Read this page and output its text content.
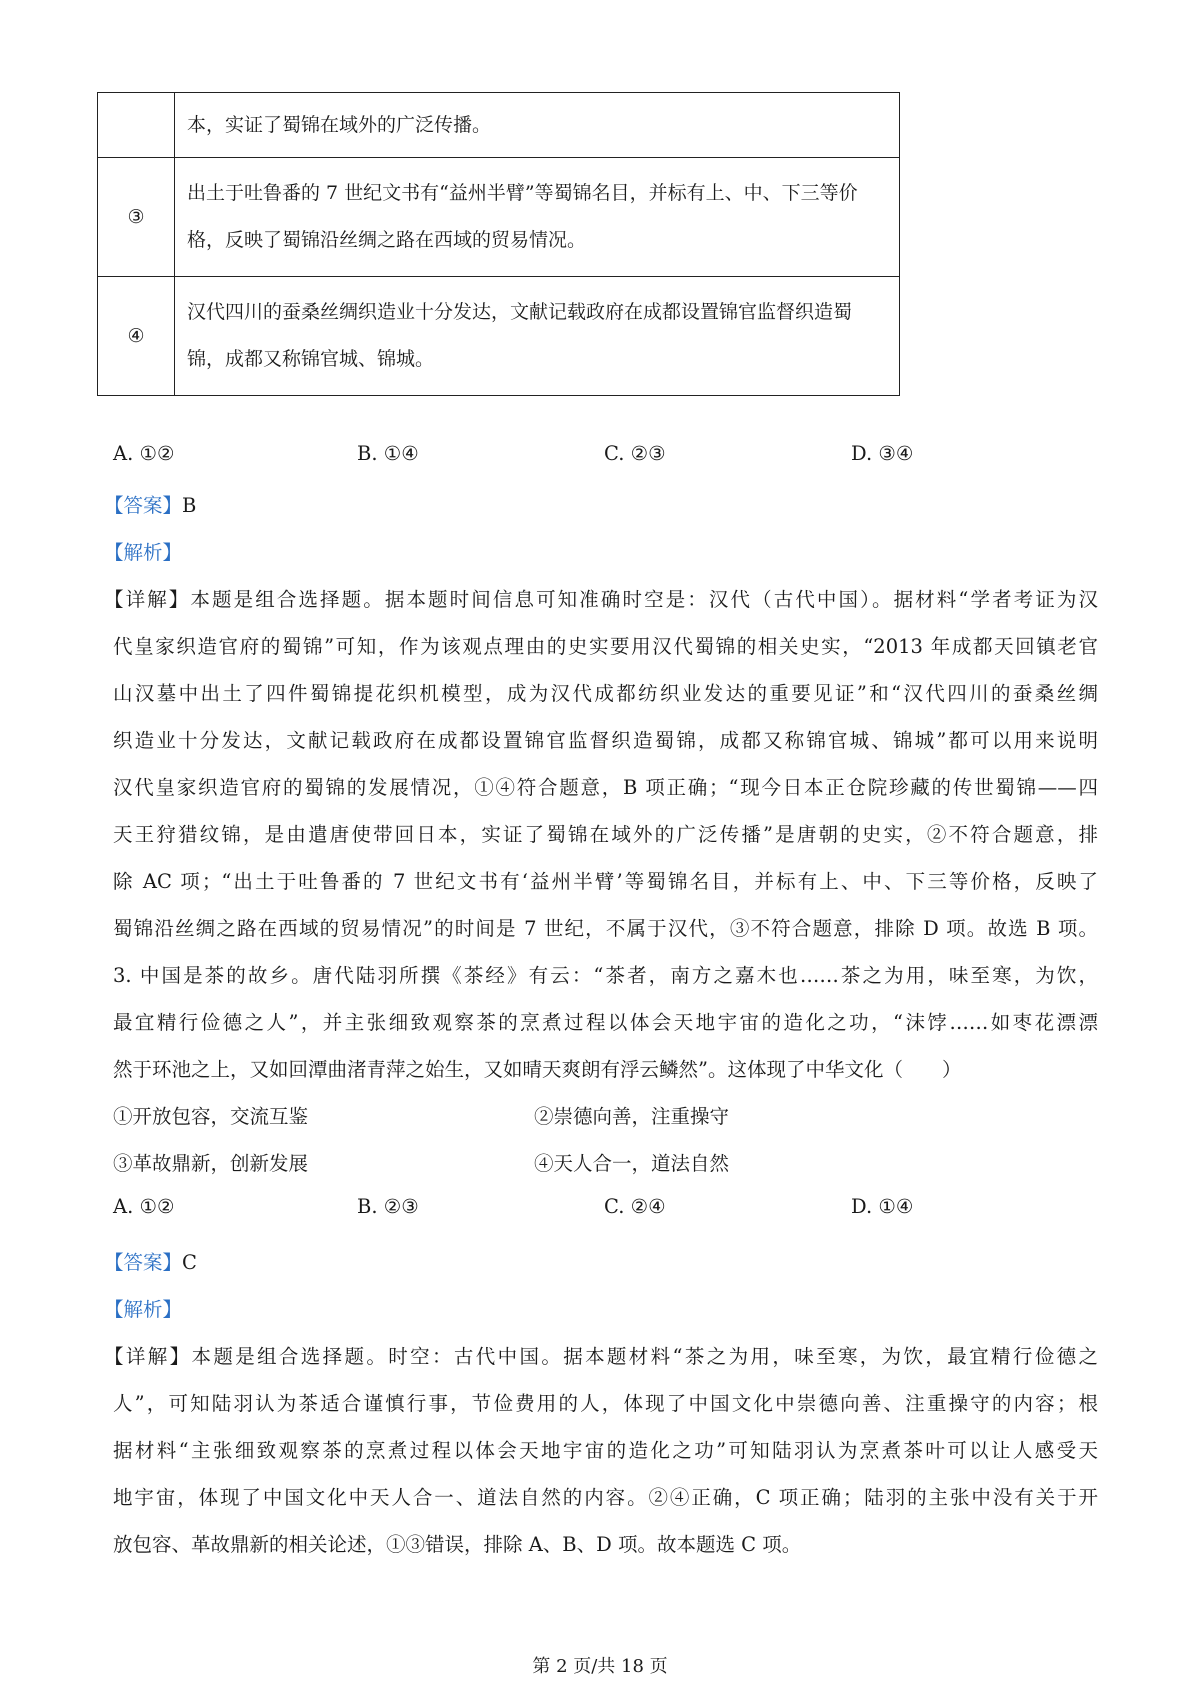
	本，实证了蜀锦在域外的广泛传播。
③	出土于吐鲁番的 7 世纪文书有“益州半臂”等蜀锦名目，并标有上、中、下三等价格，反映了蜀锦沿丝绸之路在西域的贸易情况。
④	汉代四川的蚕桑丝绸织造业十分发达，文献记载政府在成都设置锦官监督织造蜀锦，成都又称锦官城、锦城。
A. ①②	B. ①④	C. ②③	D. ③④
【答案】B
【解析】
【详解】本题是组合选择题。据本题时间信息可知准确时空是：汉代（古代中国）。据材料“学者考证为汉
代皇家织造官府的蜀锦”可知，作为该观点理由的史实要用汉代蜀锦的相关史实，“2013 年成都天回镇老官
山汉墓中出土了四件蜀锦提花织机模型，成为汉代成都纺织业发达的重要见证”和“汉代四川的蚕桑丝绸
织造业十分发达，文献记载政府在成都设置锦官监督织造蜀锦，成都又称锦官城、锦城”都可以用来说明
汉代皇家织造官府的蜀锦的发展情况，①④符合题意，B 项正确；“现今日本正仓院珍藏的传世蜀锦——四
天王狩猎纹锦，是由遣唐使带回日本，实证了蜀锦在域外的广泛传播”是唐朝的史实，②不符合题意，排
除 AC 项；“出土于吐鲁番的 7 世纪文书有‘益州半臂’等蜀锦名目，并标有上、中、下三等价格，反映了
蜀锦沿丝绸之路在西域的贸易情况”的时间是 7 世纪，不属于汉代，③不符合题意，排除 D 项。故选 B 项。
3. 中国是茶的故乡。唐代陆羽所撰《茶经》有云：“茶者，南方之嘉木也……茶之为用，味至寒，为饮，
最宜精行俭德之人”，并主张细致观察茶的烹煮过程以体会天地宇宙的造化之功，“沫饽……如枣花漂漂
然于环池之上，又如回潭曲渚青萍之始生，又如晴天爽朗有浮云鳞然”。这体现了中华文化（　　）
①开放包容，交流互鉴	②崇德向善，注重操守
③革故鼎新，创新发展	④天人合一，道法自然
A. ①②	B. ②③	C. ②④	D. ①④
【答案】C
【解析】
【详解】本题是组合选择题。时空：古代中国。据本题材料“茶之为用，味至寒，为饮，最宜精行俭德之
人”，可知陆羽认为茶适合谨慎行事，节俭费用的人，体现了中国文化中崇德向善、注重操守的内容；根
据材料“主张细致观察茶的烹煮过程以体会天地宇宙的造化之功”可知陆羽认为烹煮茶叶可以让人感受天
地宇宙，体现了中国文化中天人合一、道法自然的内容。②④正确，C 项正确；陆羽的主张中没有关于开
放包容、革故鼎新的相关论述，①③错误，排除 A、B、D 项。故本题选 C 项。
第 2 页/共 18 页
